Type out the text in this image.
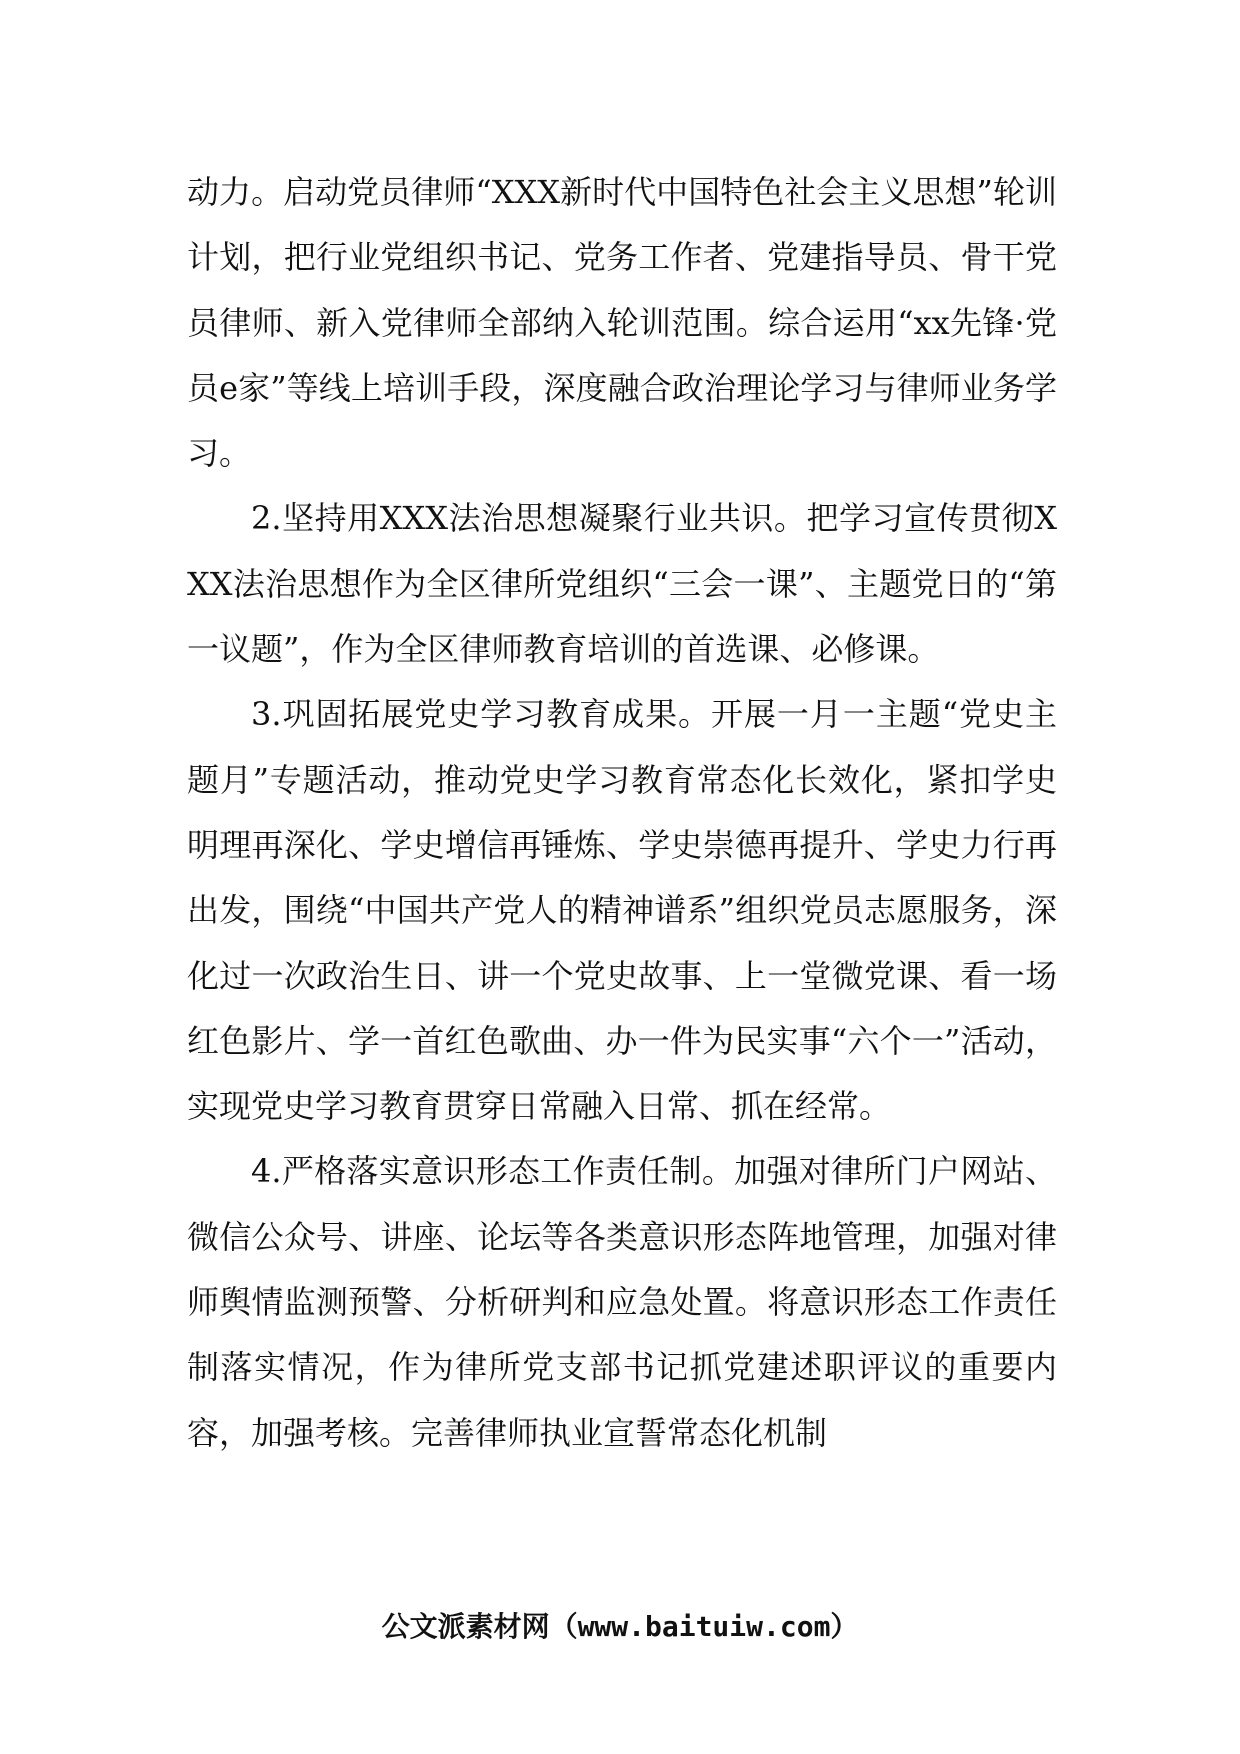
动力。启动党员律师“XXX新时代中国特色社会主义思想”轮训计划，把行业党组织书记、党务工作者、党建指导员、骨干党员律师、新入党律师全部纳入轮训范围。综合运用“xx先锋·党员e家”等线上培训手段，深度融合政治理论学习与律师业务学习。

2.坚持用XXX法治思想凝聚行业共识。把学习宣传贯彻XXX法治思想作为全区律所党组织“三会一课”、主题党日的“第一议题”，作为全区律师教育培训的首选课、必修课。

3.巩固拓展党史学习教育成果。开展一月一主题“党史主题月”专题活动，推动党史学习教育常态化长效化，紧扣学史明理再深化、学史增信再锤炼、学史崇德再提升、学史力行再出发，围绕“中国共产党人的精神谱系”组织党员志愿服务，深化过一次政治生日、讲一个党史故事、上一堂微党课、看一场红色影片、学一首红色歌曲、办一件为民实事“六个一”活动，实现党史学习教育贯穿日常融入日常、抓在经常。

4.严格落实意识形态工作责任制。加强对律所门户网站、微信公众号、讲座、论坛等各类意识形态阵地管理，加强对律师舆情监测预警、分析研判和应急处置。将意识形态工作责任制落实情况，作为律所党支部书记抓党建述职评议的重要内容，加强考核。完善律师执业宣誓常态化机制

公文派素材网（www.baituiw.com）
